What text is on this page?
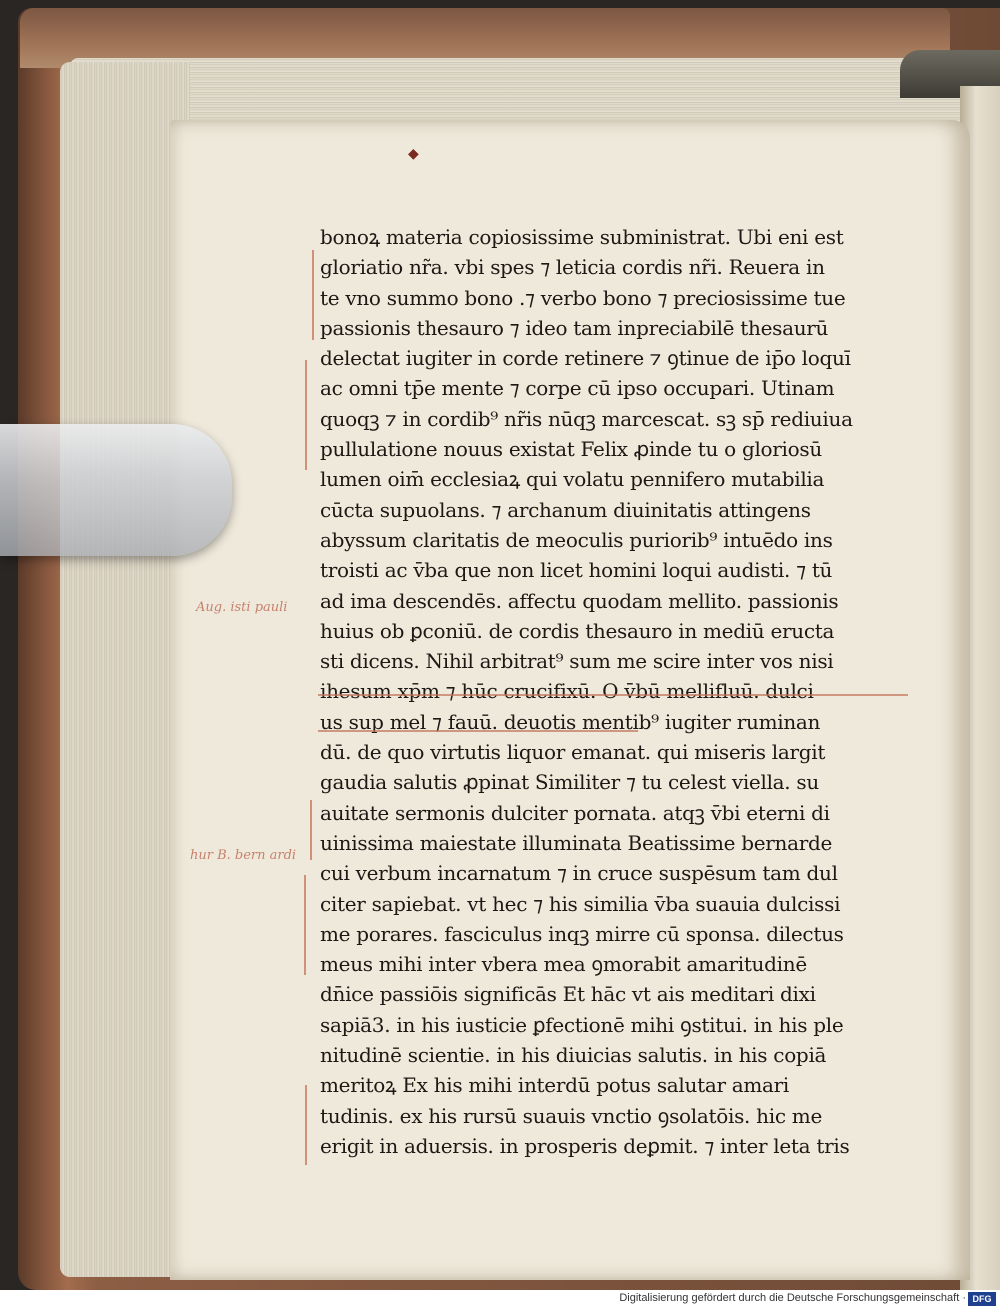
◆
bonoꝝ materia copiosissime subministrat. Ubi eni est
gloriatio nr̃a. vbi spes ⁊ leticia cordis nr̃i. Reuera in
te vno summo bono .⁊ verbo bono ⁊ preciosissime tue
passionis thesauro ⁊ ideo tam inpreciabilē thesaurū
delectat iugiter in corde retinere ⁊ ꝯtinue de ip̄o loquī
ac omni tp̄e mente ⁊ corpe cū ipso occupari. Utinam
quoqꝫ ⁊ in cordib⁹ nr̃is nūqꝫ marcescat. sꝫ sp̄ rediuiua
pullulatione nouus existat Felix ꝓinde tu o gloriosū
lumen oim̄ ecclesiaꝝ qui volatu pennifero mutabilia
cūcta supuolans. ⁊ archanum diuinitatis attingens
abyssum claritatis de meoculis puriorib⁹ intuēdo ins
troisti ac v̄ba que non licet homini loqui audisti. ⁊ tū
ad ima descendēs. affectu quodam mellito. passionis
huius ob ꝑconiū. de cordis thesauro in mediū eructa
sti dicens. Nihil arbitrat⁹ sum me scire inter vos nisi
ihesum xp̄m ⁊ hūc crucifixū. O v̄bū mellifluū. dulci
us sup mel ⁊ fauū. deuotis mentib⁹ iugiter ruminan
dū. de quo virtutis liquor emanat. qui miseris largit
gaudia salutis ꝓpinat Similiter ⁊ tu celest viella. su
auitate sermonis dulciter pornata. atqꝫ v̄bi eterni di
uinissima maiestate illuminata Beatissime bernarde
cui verbum incarnatum ⁊ in cruce suspēsum tam dul
citer sapiebat. vt hec ⁊ his similia v̄ba suauia dulcissi
me porares. fasciculus inqꝫ mirre cū sponsa. dilectus
meus mihi inter vbera mea ꝯmorabit amaritudinē
dn̄ice passiōis significās Et hāc vt ais meditari dixi
sapiā3. in his iusticie ꝑfectionē mihi ꝯstitui. in his ple
nitudinē scientie. in his diuicias salutis. in his copiā
meritoꝝ Ex his mihi interdū potus salutar amari
tudinis. ex his rursū suauis vnctio ꝯsolatōis. hic me
erigit in aduersis. in prosperis deꝑmit. ⁊ inter leta tris
Aug. isti pauli
hur B. bern ardi
Digitalisierung gefördert durch die Deutsche Forschungsgemeinschaft · DFG
